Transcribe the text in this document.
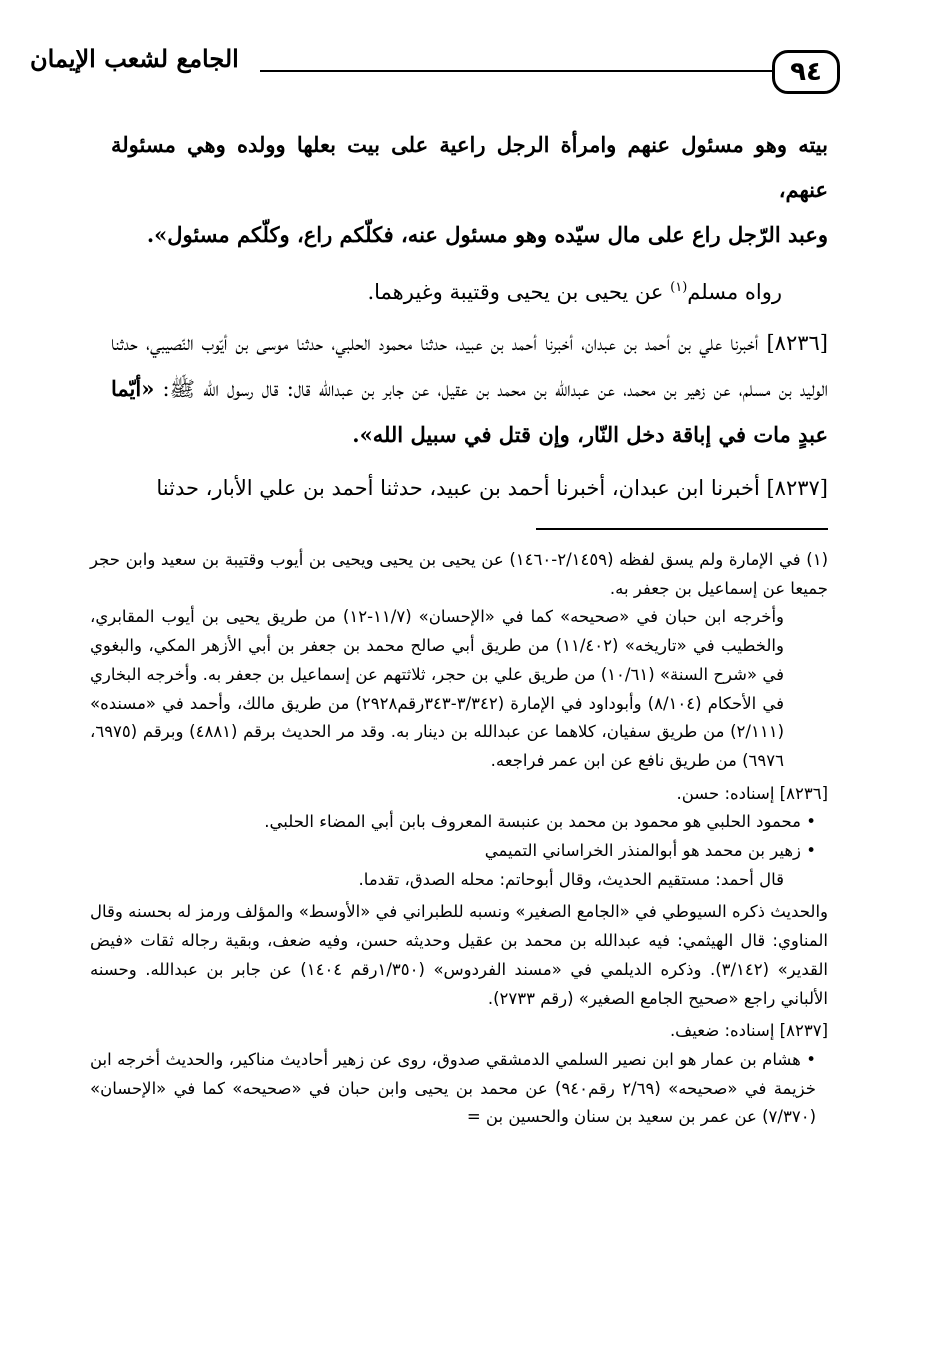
٩٤
الجامع لشعب الإيمان

بيته وهو مسئول عنهم وامرأة الرجل راعية على بيت بعلها وولده وهي مسئولة عنهم،

وعبد الرّجل راع على مال سيّده وهو مسئول عنه، فكلّكم راع، وكلّكم مسئول».

رواه مسلم$^{(١)}$ عن يحيى بن يحيى وقتيبة وغيرهما.

[٨٢٣٦] أخبرنا علي بن أحمد بن عبدان، أخبرنا أحمد بن عبيد، حدثنا محمود الحلبي، حدثنا موسى بن أيّوب النّصيبي، حدثنا الوليد بن مسلم، عن زهير بن محمد، عن عبدالله بن محمد بن عقيل، عن جابر بن عبدالله قال: قال رسول الله ﷺ: «أيّما عبدٍ مات في إباقة دخل النّار، وإن قتل في سبيل الله».

[٨٢٣٧] أخبرنا ابن عبدان، أخبرنا أحمد بن عبيد، حدثنا أحمد بن علي الأبار، حدثنا

(١) في الإمارة ولم يسق لفظه (٢/١٤٥٩-١٤٦٠) عن يحيى بن يحيى ويحيى بن أيوب وقتيبة بن سعيد وابن حجر جميعا عن إسماعيل بن جعفر به.

وأخرجه ابن حبان في «صحيحه» كما في «الإحسان» (١١/٧-١٢) من طريق يحيى بن أيوب المقابري، والخطيب في «تاريخه» (١١/٤٠٢) من طريق أبي صالح محمد بن جعفر بن أبي الأزهر المكي، والبغوي في «شرح السنة» (١٠/٦١) من طريق علي بن حجر، ثلاثتهم عن إسماعيل بن جعفر به. وأخرجه البخاري في الأحكام (٨/١٠٤) وأبوداود في الإمارة (٣/٣٤٢-٣٤٣رقم٢٩٢٨) من طريق مالك، وأحمد في «مسنده» (٢/١١١) من طريق سفيان، كلاهما عن عبدالله بن دينار به. وقد مر الحديث برقم (٤٨٨١) وبرقم (٦٩٧٥، ٦٩٧٦) من طريق نافع عن ابن عمر فراجعه.

[٨٢٣٦] إسناده: حسن.

• محمود الحلبي هو محمود بن محمد بن عنبسة المعروف بابن أبي المضاء الحلبي.

• زهير بن محمد هو أبوالمنذر الخراساني التميمي

قال أحمد: مستقيم الحديث، وقال أبوحاتم: محله الصدق، تقدما.

والحديث ذكره السيوطي في «الجامع الصغير» ونسبه للطبراني في «الأوسط» والمؤلف ورمز له بحسنه وقال المناوي: قال الهيثمي: فيه عبدالله بن محمد بن عقيل وحديثه حسن، وفيه ضعف، وبقية رجاله ثقات «فيض القدير» (٣/١٤٢). وذكره الديلمي في «مسند الفردوس» (١/٣٥٠رقم ١٤٠٤) عن جابر بن عبدالله. وحسنه الألباني راجع «صحيح الجامع الصغير» (رقم ٢٧٣٣).

[٨٢٣٧] إسناده: ضعيف.

• هشام بن عمار هو ابن نصير السلمي الدمشقي صدوق، روى عن زهير أحاديث مناكير، والحديث أخرجه ابن خزيمة في «صحيحه» (٢/٦٩ رقم٩٤٠) عن محمد بن يحيى وابن حبان في «صحيحه» كما في «الإحسان» (٧/٣٧٠) عن عمر بن سعيد بن سنان والحسين بن =
